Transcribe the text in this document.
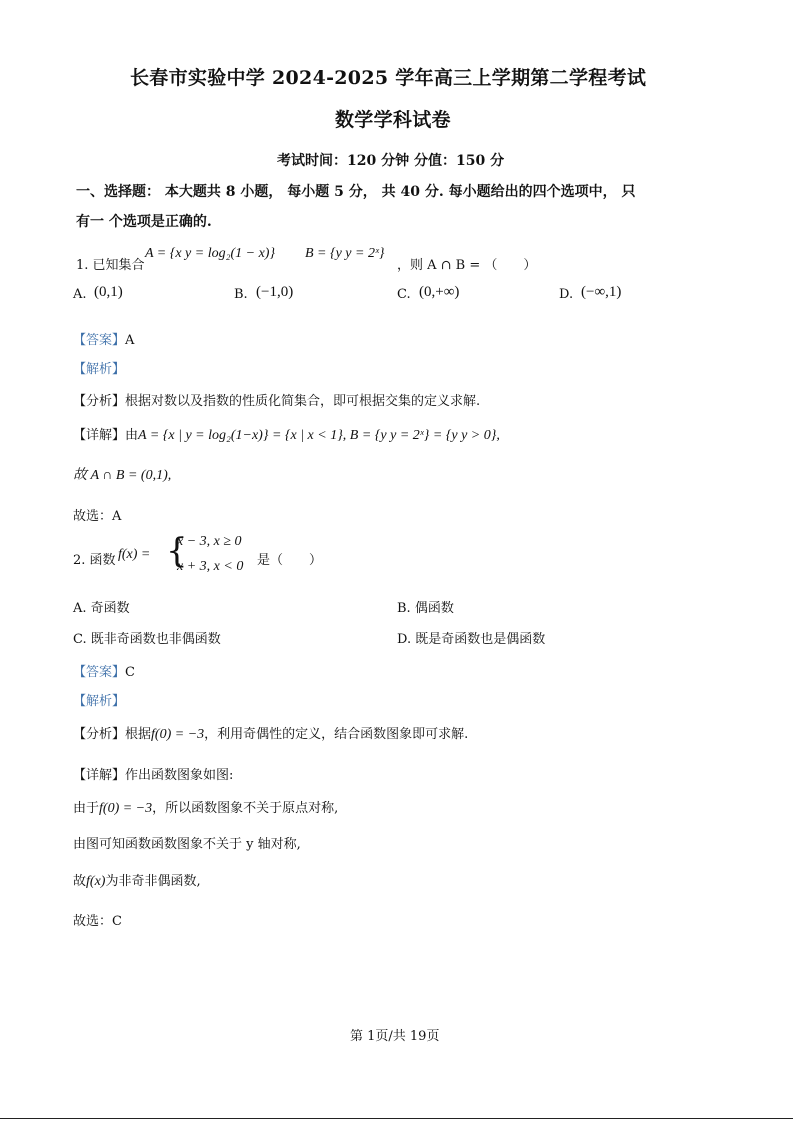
长春市实验中学 2024-2025 学年高三上学期第二学程考试
数学学科试卷
考试时间：120 分钟 分值：150 分
一、选择题： 本大题共 8 小题， 每小题 5 分， 共 40 分. 每小题给出的四个选项中， 只
有一 个选项是正确的.
1. 已知集合
A = {x y = log₂(1 − x)} B = {y y = 2ˣ}
，则 A ∩ B = （　　）
A. (0,1)	B. (−1,0)	C. (0,+∞)	D. (−∞,1)
【答案】A
【解析】
【分析】根据对数以及指数的性质化简集合，即可根据交集的定义求解.
【详解】由A = {x | y = log₂(1−x)} = {x | x < 1}, B = {y y = 2ˣ} = {y y > 0},
故 A ∩ B = (0,1),
故选：A
2. 函数 f(x) = {
x − 3, x ≥ 0
x + 3, x < 0 是（　　）
A. 奇函数	B. 偶函数
C. 既非奇函数也非偶函数	D. 既是奇函数也是偶函数
【答案】C
【解析】
【分析】根据f(0) = −3，利用奇偶性的定义，结合函数图象即可求解.
【详解】作出函数图象如图:
由于f(0) = −3，所以函数图象不关于原点对称,
由图可知函数函数图象不关于 y 轴对称,
故f(x)为非奇非偶函数,
故选：C
第 1页/共 19页
